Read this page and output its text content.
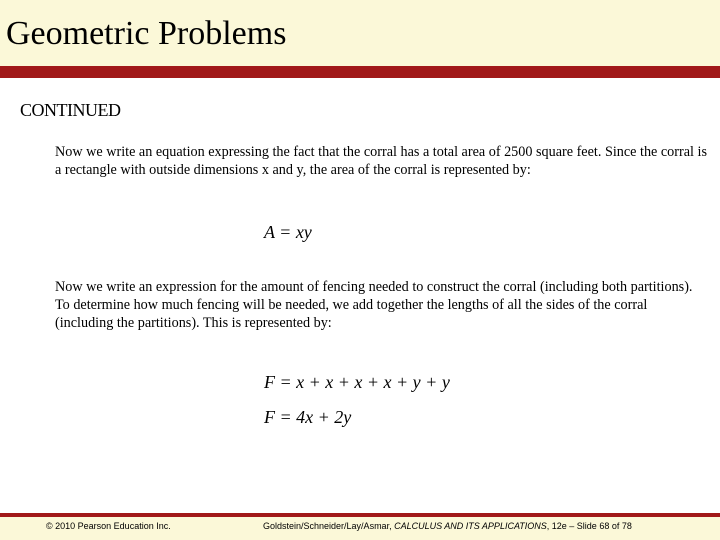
Geometric Problems
CONTINUED

Now we write an equation expressing the fact that the corral has a total area of 2500 square feet. Since the corral is a rectangle with outside dimensions x and y, the area of the corral is represented by:

A = xy

Now we write an expression for the amount of fencing needed to construct the corral (including both partitions). To determine how much fencing will be needed, we add together the lengths of all the sides of the corral (including the partitions). This is represented by:

F = x + x + x + x + y + y
F = 4x + 2y
© 2010 Pearson Education Inc.	Goldstein/Schneider/Lay/Asmar, CALCULUS AND ITS APPLICATIONS, 12e – Slide 68 of 78
